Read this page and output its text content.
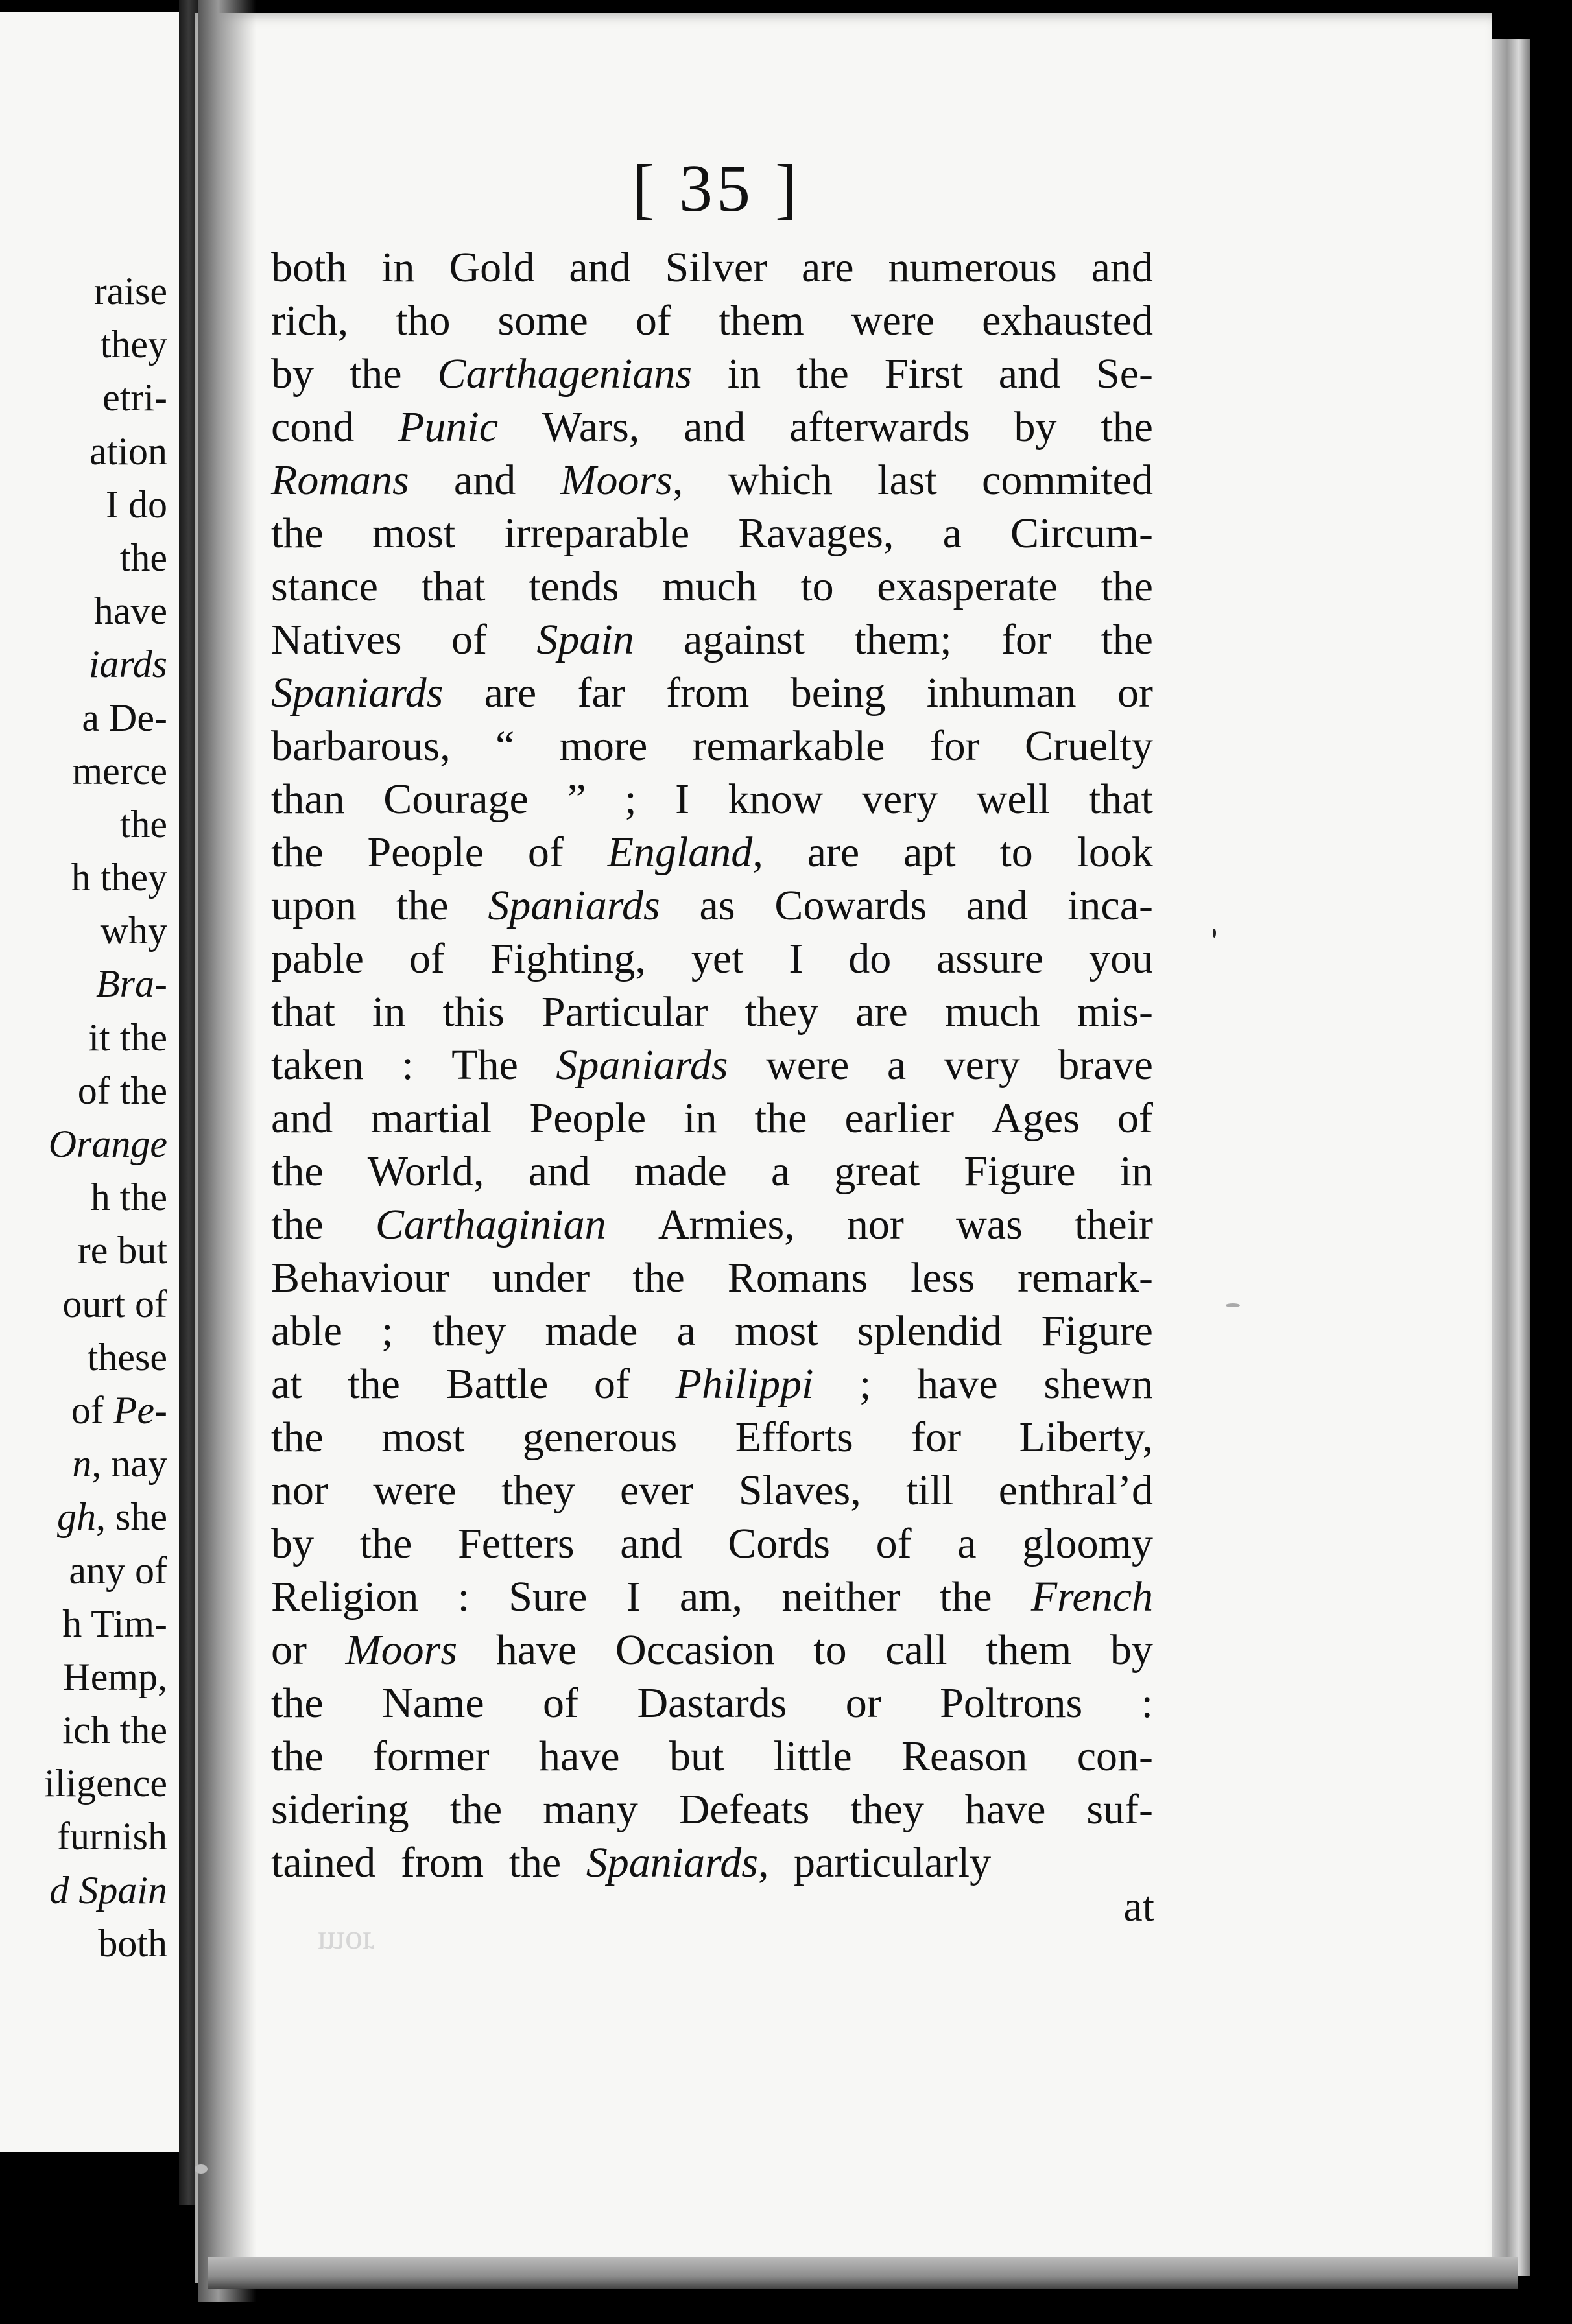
raise
they
etri-
ation
I do
the
have
iards
a De-
merce
the
h they
why
Bra-
it the
of the
Orange
h the
re but
ourt of
these
of Pe-
n, nay
gh, she
any of
h Tim-
Hemp,
ich the
iligence
furnish
d Spain
both
[ 35 ]
both in Gold and Silver are numerous and
rich, tho some of them were exhausted
by the Carthagenians in the First and Se-
cond Punic Wars, and afterwards by the
Romans and Moors, which last commited
the most irreparable Ravages, a Circum-
stance that tends much to exasperate the
Natives of Spain against them; for the
Spaniards are far from being inhuman or
barbarous, “ more remarkable for Cruelty
than Courage ” ; I know very well that
the People of England, are apt to look
upon the Spaniards as Cowards and inca-
pable of Fighting, yet I do assure you
that in this Particular they are much mis-
taken : The Spaniards were a very brave
and martial People in the earlier Ages of
the World, and made a great Figure in
the Carthaginian Armies, nor was their
Behaviour under the Romans less remark-
able ; they made a most splendid Figure
at the Battle of Philippi ; have shewn
the most generous Efforts for Liberty,
nor were they ever Slaves, till enthral’d
by the Fetters and Cords of a gloomy
Religion : Sure I am, neither the French
or Moors have Occasion to call them by
the Name of Dastards or Poltrons :
the former have but little Reason con-
sidering the many Defeats they have suf-
tained from the Spaniards , particularly
at
mor
